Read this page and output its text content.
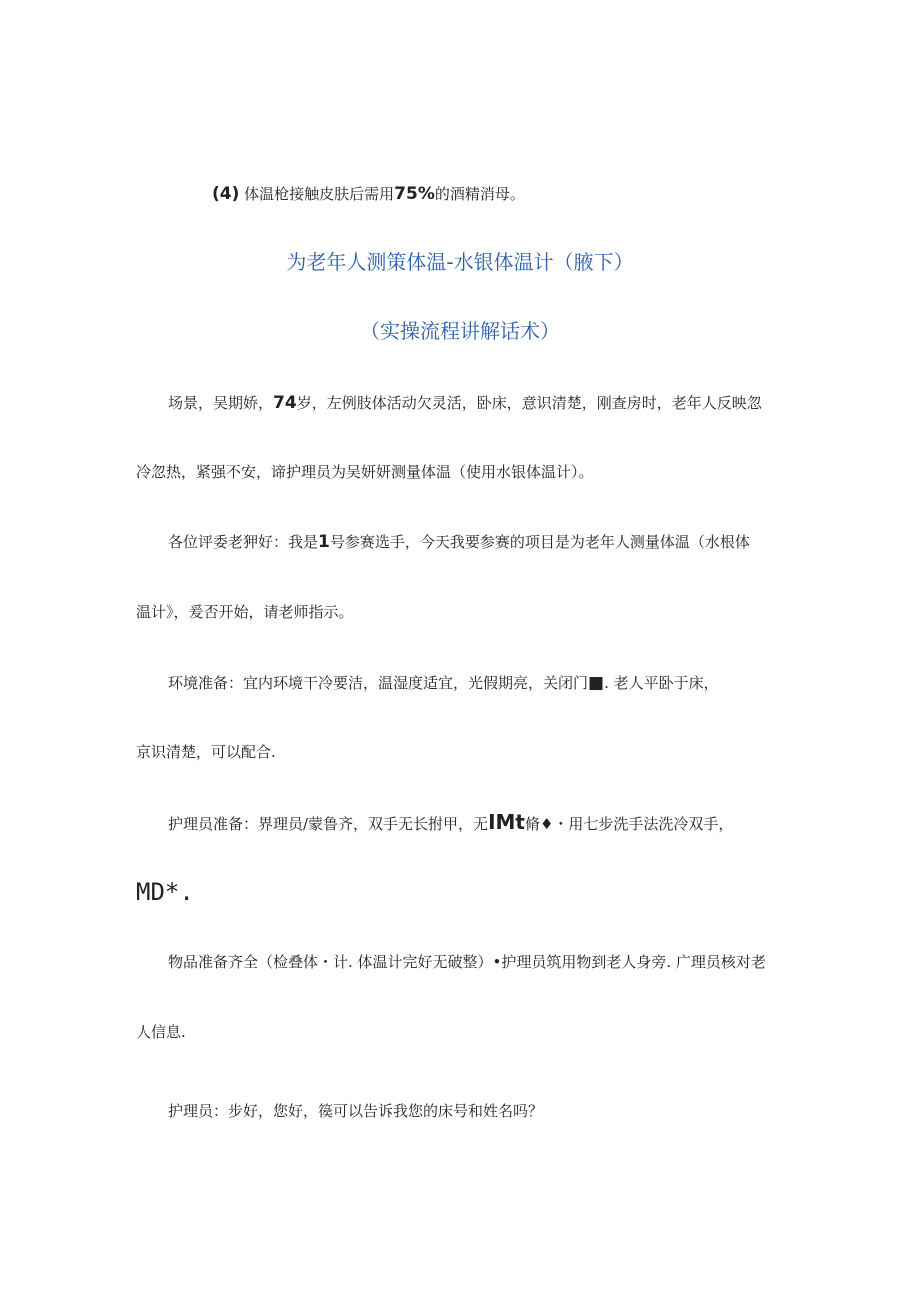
(4) 体温枪接触皮肤后需用75%的酒精消母。
为老年人测策体温-水银体温计（腋下）
（实操流程讲解话术）
场景，吴期娇，74岁，左例肢体活动欠灵活，卧床，意识清楚，刚查房时，老年人反映忽
冷忽热，紧强不安，谛护理员为吴妍妍测量体温（使用水银体温计）。
各位评委老狎好：我是1号参赛选手，今天我要参赛的项目是为老年人测量体温（水根体
温计》，爰否开始，请老师指示。
环境准备：宜内环境干冷要洁，温湿度适宜，光假期亮，关闭门■. 老人平卧于床，
京识清楚，可以配合.
护理员准备：界理员/蒙鲁齐，双手无长拊甲，无IMt脩♦・用七步洗手法洗冷双手，
MD*.
物品准备齐全（检叠体・计. 体温计完好无破整）•护理员筑用物到老人身旁. 广理员核对老
人信息.
护理员：步好，您好，篌可以告诉我您的床号和姓名吗？
